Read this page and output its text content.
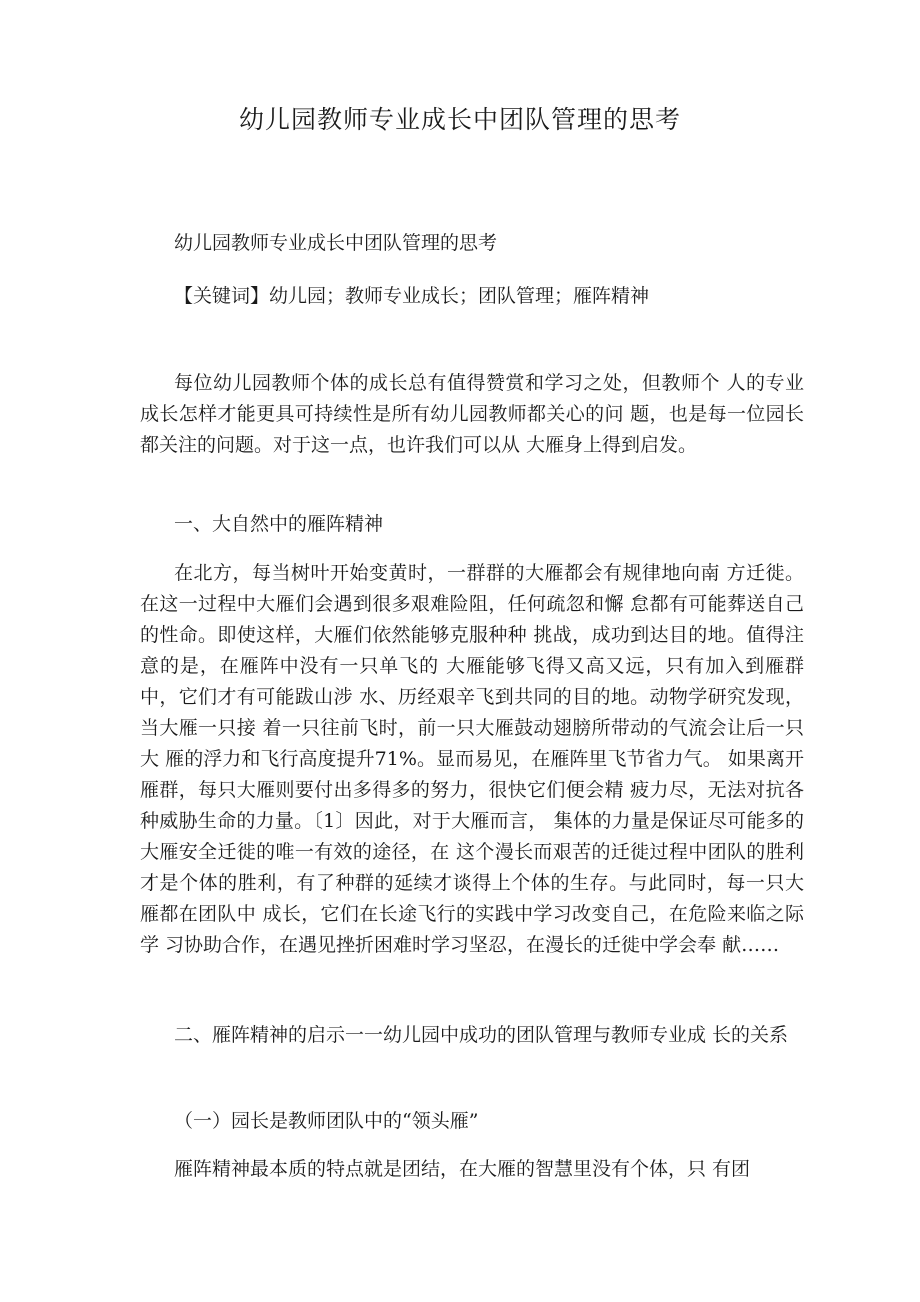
幼儿园教师专业成长中团队管理的思考

幼儿园教师专业成长中团队管理的思考

【关键词】幼儿园；教师专业成长；团队管理；雁阵精神

每位幼儿园教师个体的成长总有值得赞赏和学习之处，但教师个 人的专业成长怎样才能更具可持续性是所有幼儿园教师都关心的问 题，也是每一位园长都关注的问题。对于这一点，也许我们可以从 大雁身上得到启发。

一、大自然中的雁阵精神

在北方，每当树叶开始变黄时，一群群的大雁都会有规律地向南 方迁徙。在这一过程中大雁们会遇到很多艰难险阻，任何疏忽和懈 怠都有可能葬送自己的性命。即使这样，大雁们依然能够克服种种 挑战，成功到达目的地。值得注意的是，在雁阵中没有一只单飞的 大雁能够飞得又高又远，只有加入到雁群中，它们才有可能跋山涉 水、历经艰辛飞到共同的目的地。动物学研究发现，当大雁一只接 着一只往前飞时，前一只大雁鼓动翅膀所带动的气流会让后一只大 雁的浮力和飞行高度提升71%。显而易见，在雁阵里飞节省力气。 如果离开雁群，每只大雁则要付出多得多的努力，很快它们便会精 疲力尽，无法对抗各种威胁生命的力量。〔1〕因此，对于大雁而言， 集体的力量是保证尽可能多的大雁安全迁徙的唯一有效的途径，在 这个漫长而艰苦的迁徙过程中团队的胜利才是个体的胜利，有了种群的延续才谈得上个体的生存。与此同时，每一只大雁都在团队中 成长，它们在长途飞行的实践中学习改变自己，在危险来临之际学 习协助合作，在遇见挫折困难时学习坚忍，在漫长的迁徙中学会奉 献……

二、雁阵精神的启示一一幼儿园中成功的团队管理与教师专业成 长的关系

（一）园长是教师团队中的“领头雁”

雁阵精神最本质的特点就是团结，在大雁的智慧里没有个体，只 有团
